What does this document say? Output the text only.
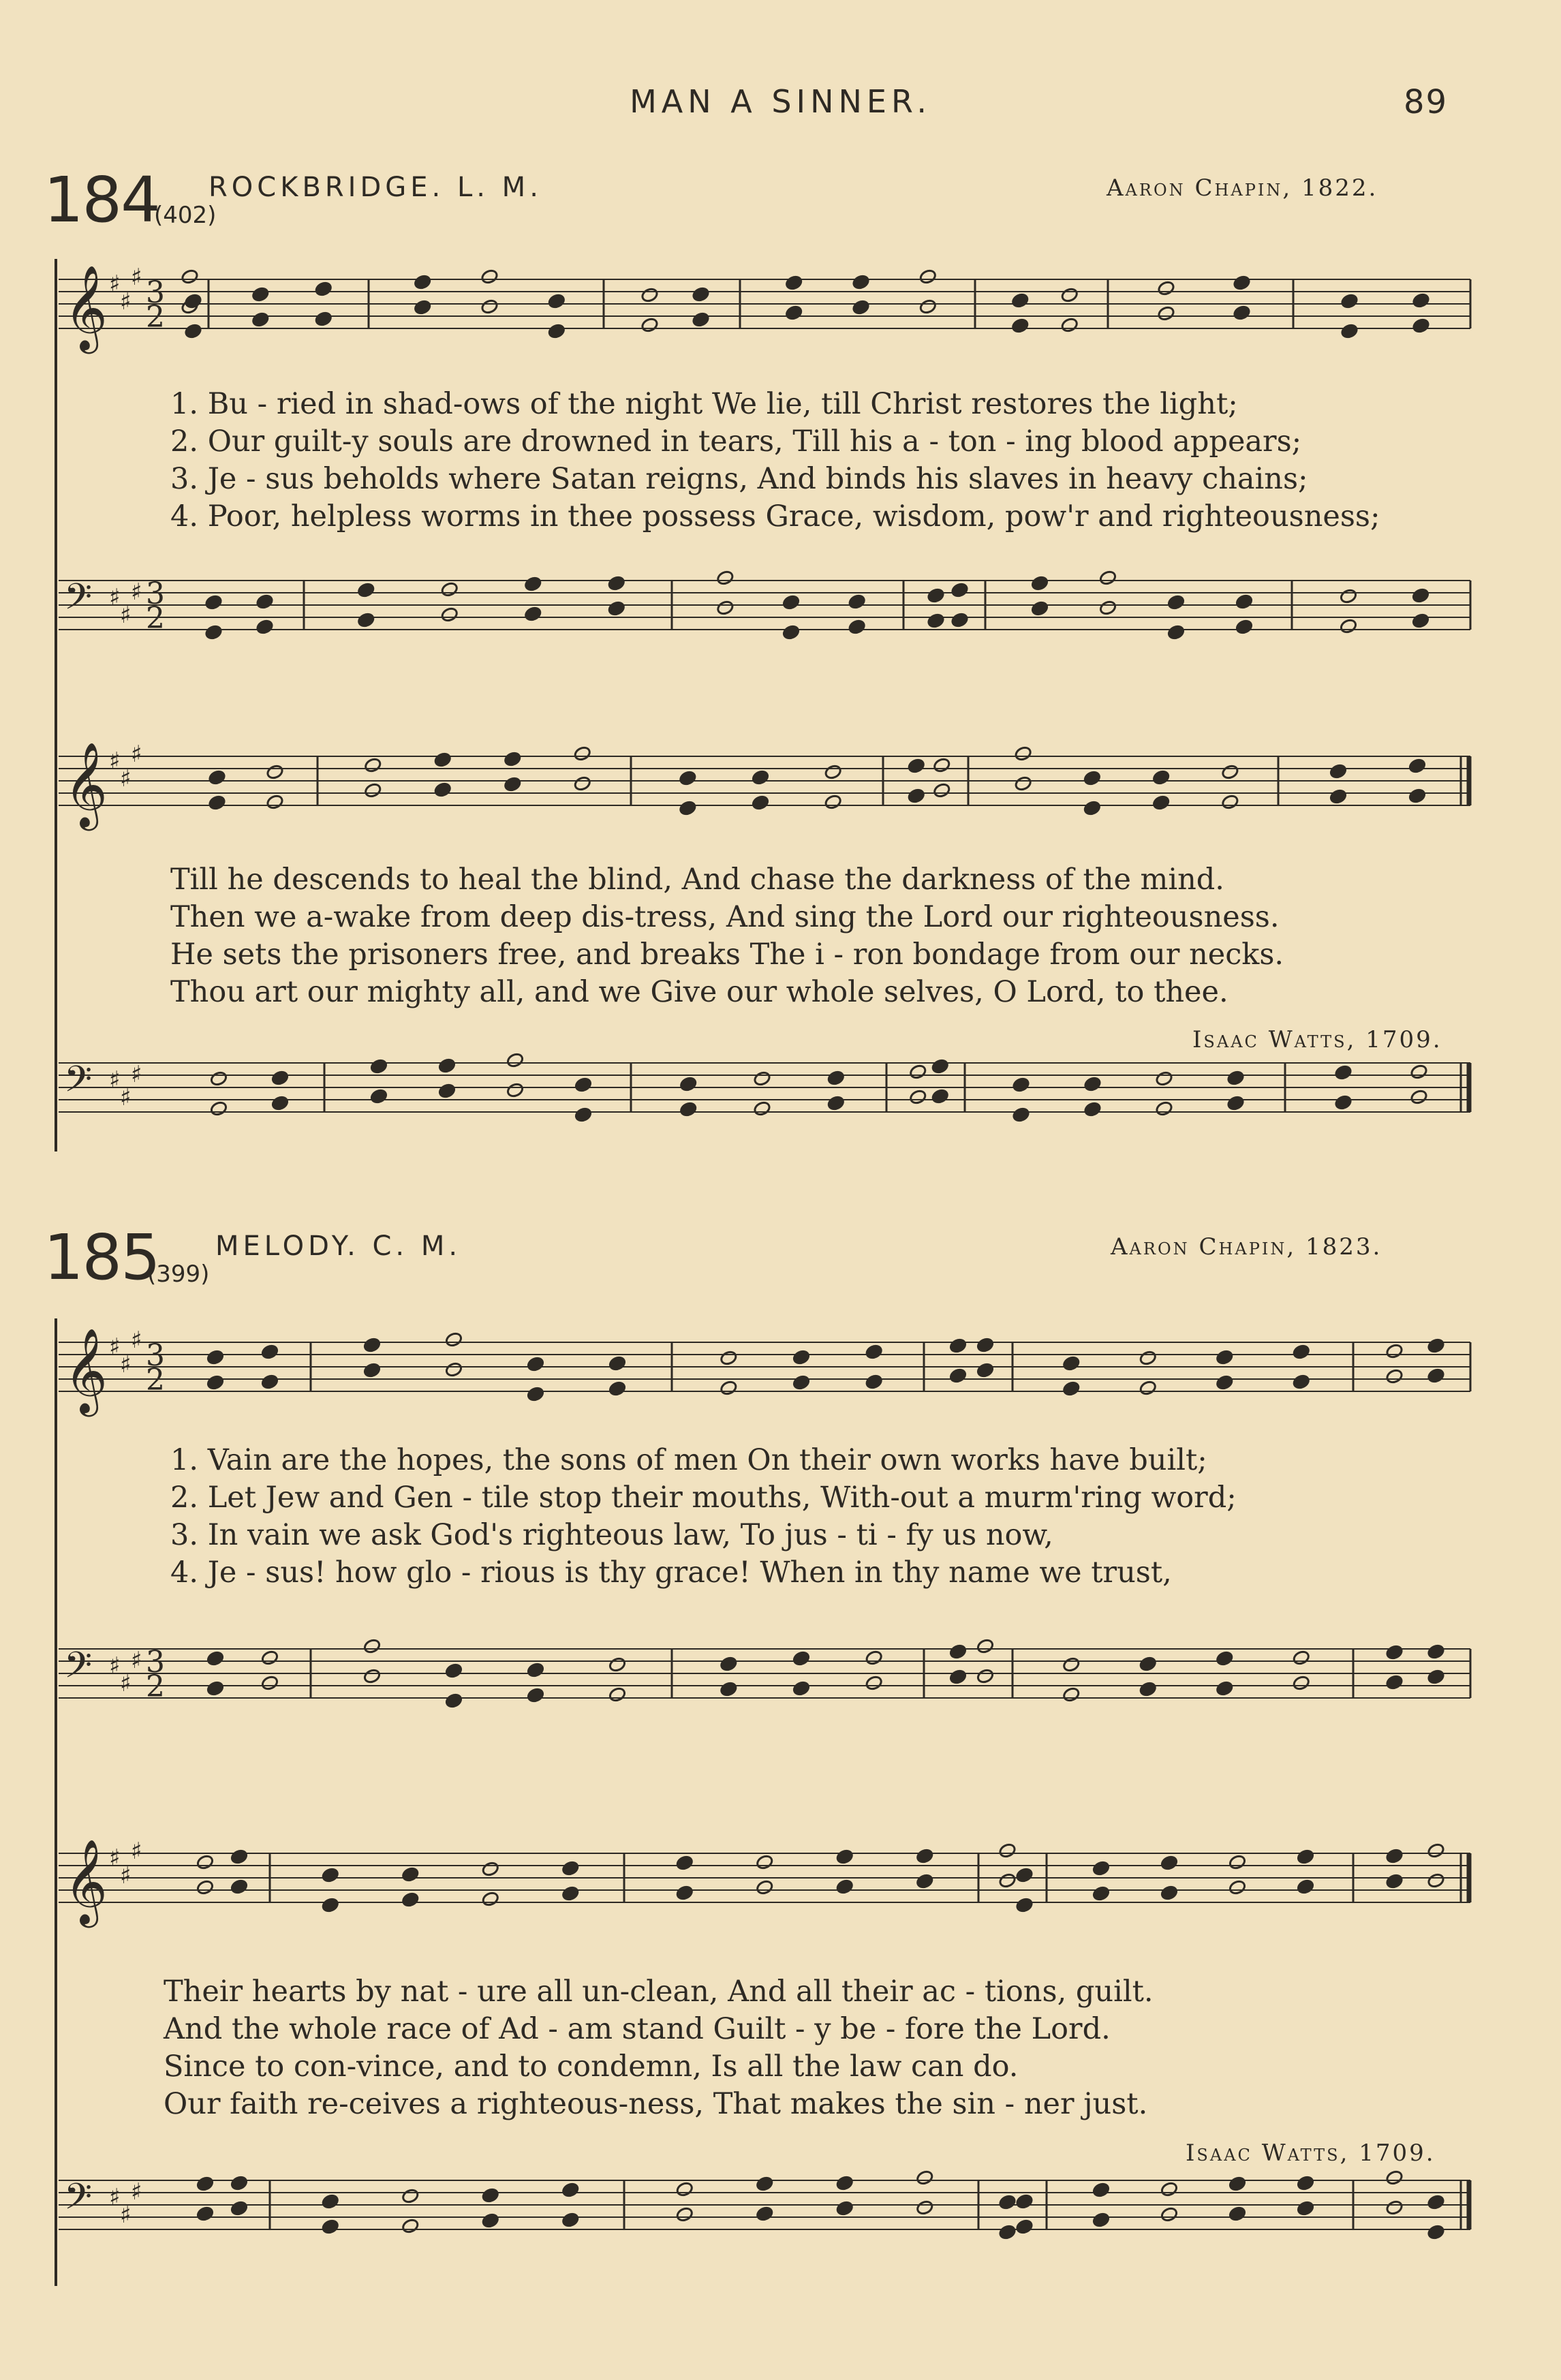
MAN A SINNER.	89
184
(402)
ROCKBRIDGE. L. M.	Aaron Chapin, 1822.
𝄞 ♯
♯
♯ 3
2
1. Bu - ried in shad-ows of the night We lie, till Christ restores the light;
2. Our guilt-y souls are drowned in tears, Till his a - ton - ing blood appears;
3. Je - sus beholds where Satan reigns, And binds his slaves in heavy chains;
4. Poor, helpless worms in thee possess Grace, wisdom, pow'r and righteousness;
𝄢 ♯
♯
♯ 3
2
𝄞 ♯
♯
♯
Till he descends to heal the blind, And chase the darkness of the mind.
Then we a-wake from deep dis-tress, And sing the Lord our righteousness.
He sets the prisoners free, and breaks The i - ron bondage from our necks.
Thou art our mighty all, and we Give our whole selves, O Lord, to thee.
Isaac Watts, 1709.
𝄢 ♯
♯
♯
185
(399)
MELODY. C. M.	Aaron Chapin, 1823.
𝄞 ♯
♯
♯ 3
2
1. Vain are the hopes, the sons of men On their own works have built;
2. Let Jew and Gen - tile stop their mouths, With-out a murm'ring word;
3. In vain we ask God's righteous law, To jus - ti - fy us now,
4. Je - sus! how glo - rious is thy grace! When in thy name we trust,
𝄢 ♯
♯
♯ 3
2
𝄞 ♯
♯
♯
Their hearts by nat - ure all un-clean, And all their ac - tions, guilt.
And the whole race of Ad - am stand Guilt - y be - fore the Lord.
Since to con-vince, and to condemn, Is all the law can do.
Our faith re-ceives a righteous-ness, That makes the sin - ner just.
Isaac Watts, 1709.
𝄢 ♯
♯
♯
